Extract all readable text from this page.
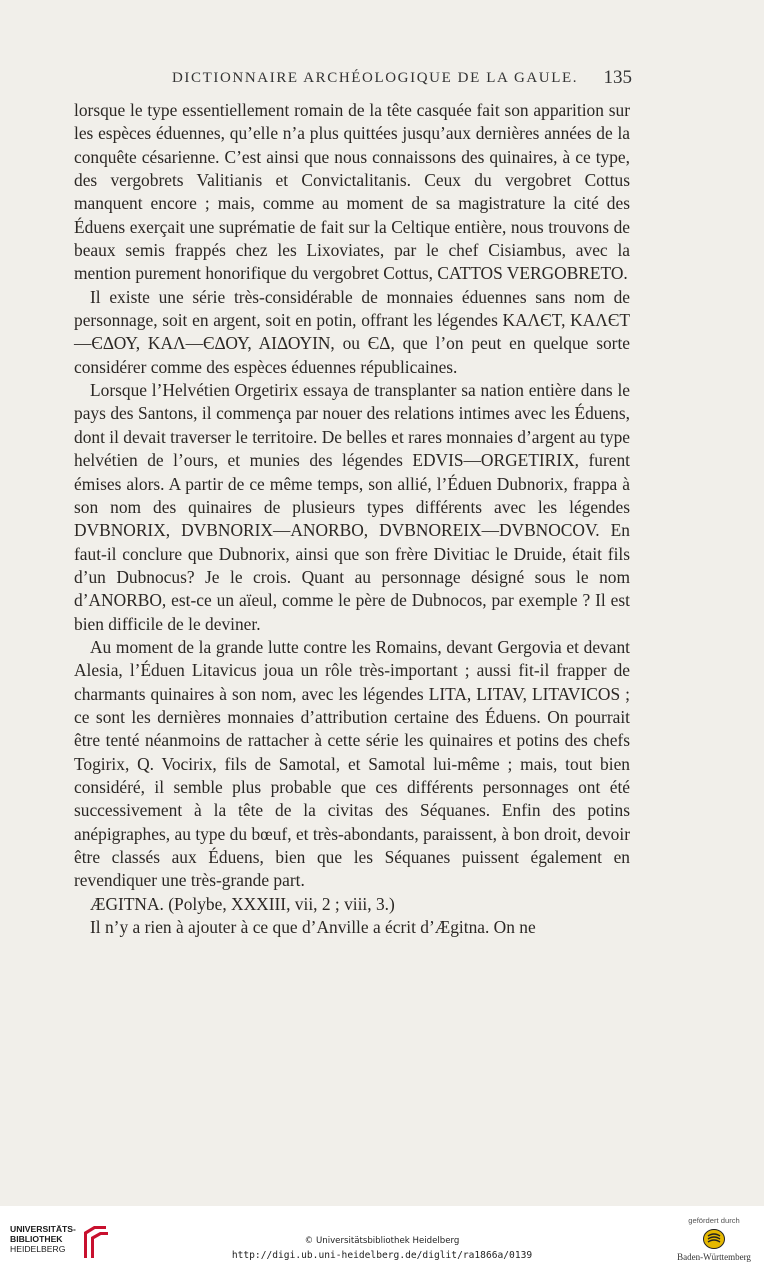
DICTIONNAIRE ARCHÉOLOGIQUE DE LA GAULE. 135

lorsque le type essentiellement romain de la tête casquée fait son apparition sur les espèces éduennes, qu’elle n’a plus quittées jusqu’aux dernières années de la conquête césarienne. C’est ainsi que nous connaissons des quinaires, à ce type, des vergobrets Valitianis et Convictalitanis. Ceux du vergobret Cottus manquent encore ; mais, comme au moment de sa magistrature la cité des Éduens exerçait une suprématie de fait sur la Celtique entière, nous trouvons de beaux semis frappés chez les Lixoviates, par le chef Cisiambus, avec la mention purement honorifique du vergobret Cottus, CATTOS VERGOBRETO.

Il existe une série très-considérable de monnaies éduennes sans nom de personnage, soit en argent, soit en potin, offrant les légendes ΚΑΛЄΤ, ΚΑΛЄΤ—ЄΔΟΥ, ΚΑΛ—ЄΔΟΥ, ΑΙΔΟΥΙΝ, ou ЄΔ, que l’on peut en quelque sorte considérer comme des espèces éduennes républicaines.

Lorsque l’Helvétien Orgetirix essaya de transplanter sa nation entière dans le pays des Santons, il commença par nouer des relations intimes avec les Éduens, dont il devait traverser le territoire. De belles et rares monnaies d’argent au type helvétien de l’ours, et munies des légendes EDVIS—ORGETIRIX, furent émises alors. A partir de ce même temps, son allié, l’Éduen Dubnorix, frappa à son nom des quinaires de plusieurs types différents avec les légendes DVBNORIX, DVBNORIX—ANORBO, DVBNOREIX—DVBNOCOV. En faut-il conclure que Dubnorix, ainsi que son frère Divitiac le Druide, était fils d’un Dubnocus? Je le crois. Quant au personnage désigné sous le nom d’ANORBO, est-ce un aïeul, comme le père de Dubnocos, par exemple ? Il est bien difficile de le deviner.

Au moment de la grande lutte contre les Romains, devant Gergovia et devant Alesia, l’Éduen Litavicus joua un rôle très-important ; aussi fit-il frapper de charmants quinaires à son nom, avec les légendes LITA, LITAV, LITAVICOS ; ce sont les dernières monnaies d’attribution certaine des Éduens. On pourrait être tenté néanmoins de rattacher à cette série les quinaires et potins des chefs Togirix, Q. Vocirix, fils de Samotal, et Samotal lui-même ; mais, tout bien considéré, il semble plus probable que ces différents personnages ont été successivement à la tête de la civitas des Séquanes. Enfin des potins anépigraphes, au type du bœuf, et très-abondants, paraissent, à bon droit, devoir être classés aux Éduens, bien que les Séquanes puissent également en revendiquer une très-grande part.

ÆGITNA. (Polybe, XXXIII, vii, 2 ; viii, 3.)

Il n’y a rien à ajouter à ce que d’Anville a écrit d’Ægitna. On ne

UNIVERSITÄTS-
BIBLIOTHEK
HEIDELBERG
© Universitätsbibliothek Heidelberg
http://digi.ub.uni-heidelberg.de/diglit/ra1866a/0139
gefördert durch
Baden-Württemberg
